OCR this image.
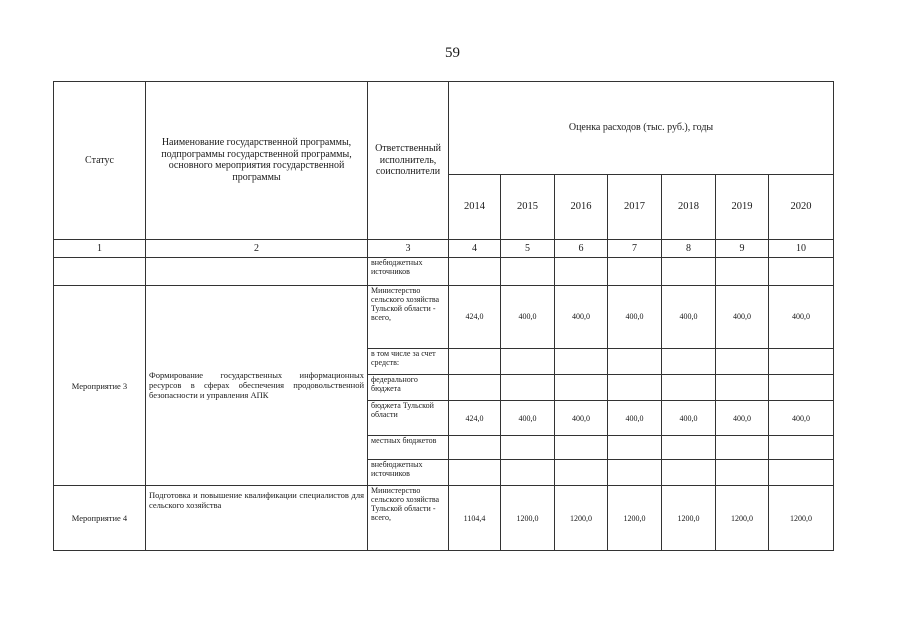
59
Статус	Наименование государственной программы, подпрограммы государственной программы, основного мероприятия государственной программы	Ответственный исполнитель, соисполнители	Оценка расходов (тыс. руб.), годы						
			2014	2015	2016	2017	2018	2019	2020
1	2	3	4	5	6	7	8	9	10
		внебюджетных источников							
Мероприятие 3	Формирование государственных информационных ресурсов в сферах обеспечения продовольственной безопасности и управления АПК	Министерство сельского хозяйства Тульской области - всего,	424,0	400,0	400,0	400,0	400,0	400,0	400,0
		в том числе за счет средств:							
		федерального бюджета							
		бюджета Тульской области	424,0	400,0	400,0	400,0	400,0	400,0	400,0
		местных бюджетов							
		внебюджетных источников							
Мероприятие 4	Подготовка и повышение квалификации специалистов для сельского хозяйства	Министерство сельского хозяйства Тульской области - всего,	1104,4	1200,0	1200,0	1200,0	1200,0	1200,0	1200,0
